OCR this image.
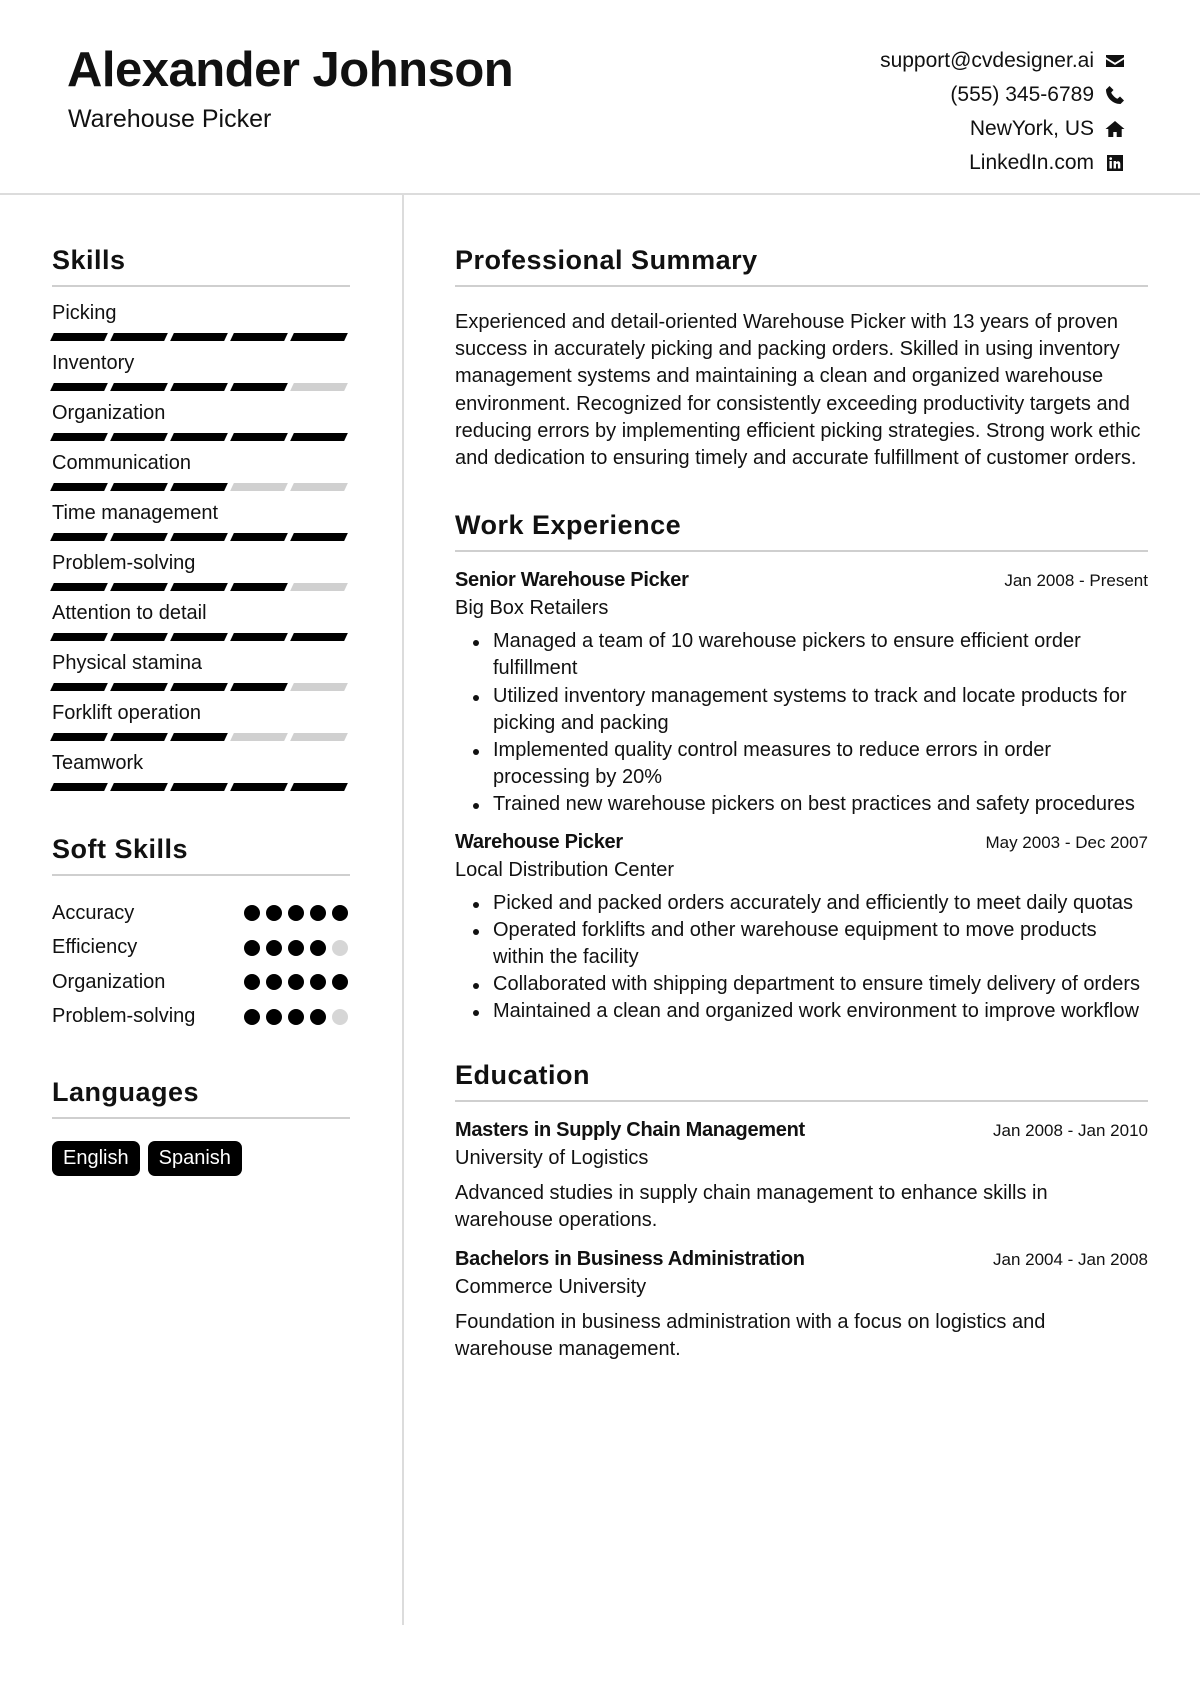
Alexander Johnson
Warehouse Picker
support@cvdesigner.ai
(555) 345-6789
NewYork, US
LinkedIn.com
Skills
Picking
Inventory
Organization
Communication
Time management
Problem-solving
Attention to detail
Physical stamina
Forklift operation
Teamwork
Soft Skills
Accuracy
Efficiency
Organization
Problem-solving
Languages
English	Spanish
Professional Summary

Experienced and detail-oriented Warehouse Picker with 13 years of proven success in accurately picking and packing orders. Skilled in using inventory management systems and maintaining a clean and organized warehouse environment. Recognized for consistently exceeding productivity targets and reducing errors by implementing efficient picking strategies. Strong work ethic and dedication to ensuring timely and accurate fulfillment of customer orders.

Work Experience
Senior Warehouse Picker	Jan 2008 - Present
Big Box Retailers
Managed a team of 10 warehouse pickers to ensure efficient order fulfillment
Utilized inventory management systems to track and locate products for picking and packing
Implemented quality control measures to reduce errors in order processing by 20%
Trained new warehouse pickers on best practices and safety procedures
Warehouse Picker	May 2003 - Dec 2007
Local Distribution Center
Picked and packed orders accurately and efficiently to meet daily quotas
Operated forklifts and other warehouse equipment to move products within the facility
Collaborated with shipping department to ensure timely delivery of orders
Maintained a clean and organized work environment to improve workflow
Education
Masters in Supply Chain Management	Jan 2008 - Jan 2010
University of Logistics

Advanced studies in supply chain management to enhance skills in warehouse operations.

Bachelors in Business Administration	Jan 2004 - Jan 2008
Commerce University

Foundation in business administration with a focus on logistics and warehouse management.
